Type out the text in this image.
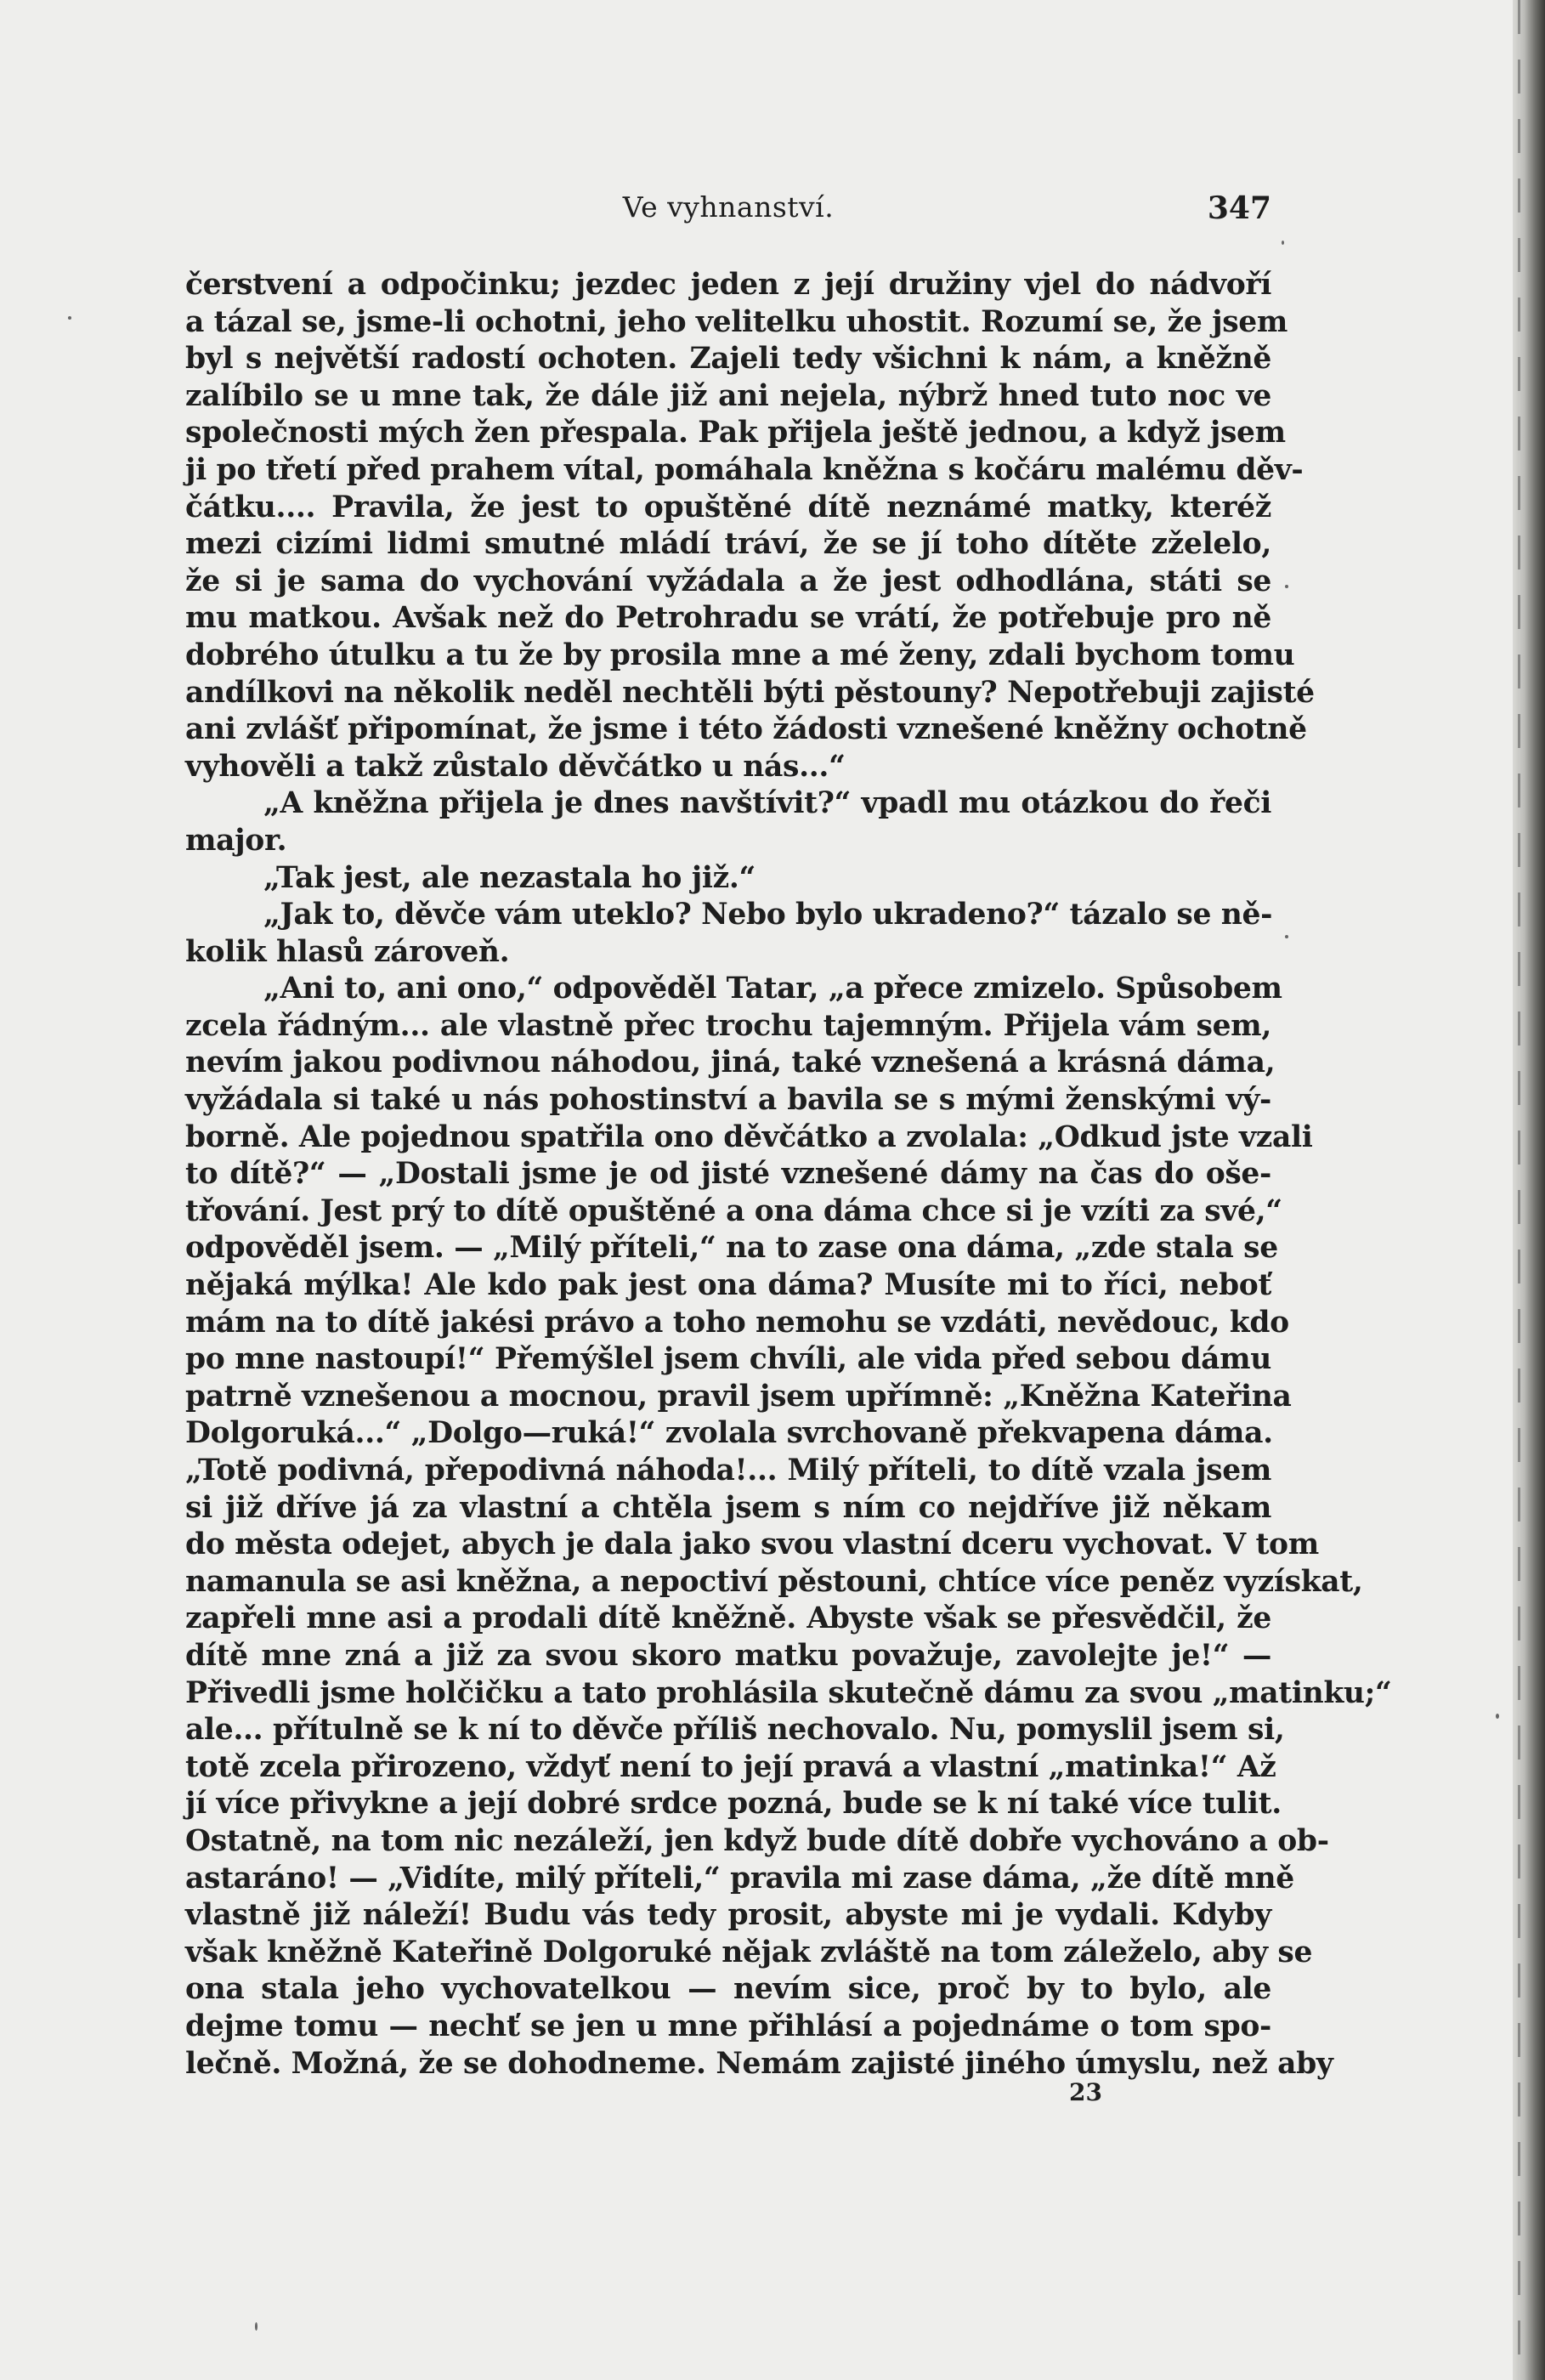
Ve vyhnanství.	347
čerstvení a odpočinku; jezdec jeden z její družiny vjel do nádvoří
a tázal se, jsme-li ochotni, jeho velitelku uhostit. Rozumí se, že jsem
byl s největší radostí ochoten. Zajeli tedy všichni k nám, a kněžně
zalíbilo se u mne tak, že dále již ani nejela, nýbrž hned tuto noc ve
společnosti mých žen přespala. Pak přijela ještě jednou, a když jsem
ji po třetí před prahem vítal, pomáhala kněžna s kočáru malému děv-
čátku.... Pravila, že jest to opuštěné dítě neznámé matky, kteréž
mezi cizími lidmi smutné mládí tráví, že se jí toho dítěte zželelo,
že si je sama do vychování vyžádala a že jest odhodlána, státi se
mu matkou. Avšak než do Petrohradu se vrátí, že potřebuje pro ně
dobrého útulku a tu že by prosila mne a mé ženy, zdali bychom tomu
andílkovi na několik neděl nechtěli býti pěstouny? Nepotřebuji zajisté
ani zvlášť připomínat, že jsme i této žádosti vznešené kněžny ochotně
vyhověli a takž zůstalo děvčátko u nás...“
„A kněžna přijela je dnes navštívit?“ vpadl mu otázkou do řeči
major.
„Tak jest, ale nezastala ho již.“
„Jak to, děvče vám uteklo? Nebo bylo ukradeno?“ tázalo se ně-
kolik hlasů zároveň.
„Ani to, ani ono,“ odpověděl Tatar, „a přece zmizelo. Spůsobem
zcela řádným... ale vlastně přec trochu tajemným. Přijela vám sem,
nevím jakou podivnou náhodou, jiná, také vznešená a krásná dáma,
vyžádala si také u nás pohostinství a bavila se s mými ženskými vý-
borně. Ale pojednou spatřila ono děvčátko a zvolala: „Odkud jste vzali
to dítě?“ — „Dostali jsme je od jisté vznešené dámy na čas do oše-
třování. Jest prý to dítě opuštěné a ona dáma chce si je vzíti za své,“
odpověděl jsem. — „Milý příteli,“ na to zase ona dáma, „zde stala se
nějaká mýlka! Ale kdo pak jest ona dáma? Musíte mi to říci, neboť
mám na to dítě jakési právo a toho nemohu se vzdáti, nevědouc, kdo
po mne nastoupí!“ Přemýšlel jsem chvíli, ale vida před sebou dámu
patrně vznešenou a mocnou, pravil jsem upřímně: „Kněžna Kateřina
Dolgoruká...“ „Dolgo—ruká!“ zvolala svrchovaně překvapena dáma.
„Totě podivná, přepodivná náhoda!... Milý příteli, to dítě vzala jsem
si již dříve já za vlastní a chtěla jsem s ním co nejdříve již někam
do města odejet, abych je dala jako svou vlastní dceru vychovat. V tom
namanula se asi kněžna, a nepoctiví pěstouni, chtíce více peněz vyzískat,
zapřeli mne asi a prodali dítě kněžně. Abyste však se přesvědčil, že
dítě mne zná a již za svou skoro matku považuje, zavolejte je!“ —
Přivedli jsme holčičku a tato prohlásila skutečně dámu za svou „matinku;“
ale... přítulně se k ní to děvče příliš nechovalo. Nu, pomyslil jsem si,
totě zcela přirozeno, vždyť není to její pravá a vlastní „matinka!“ Až
jí více přivykne a její dobré srdce pozná, bude se k ní také více tulit.
Ostatně, na tom nic nezáleží, jen když bude dítě dobře vychováno a ob-
astaráno! — „Vidíte, milý příteli,“ pravila mi zase dáma, „že dítě mně
vlastně již náleží! Budu vás tedy prosit, abyste mi je vydali. Kdyby
však kněžně Kateřině Dolgoruké nějak zvláště na tom záleželo, aby se
ona stala jeho vychovatelkou — nevím sice, proč by to bylo, ale
dejme tomu — nechť se jen u mne přihlásí a pojednáme o tom spo-
lečně. Možná, že se dohodneme. Nemám zajisté jiného úmyslu, než aby
23
